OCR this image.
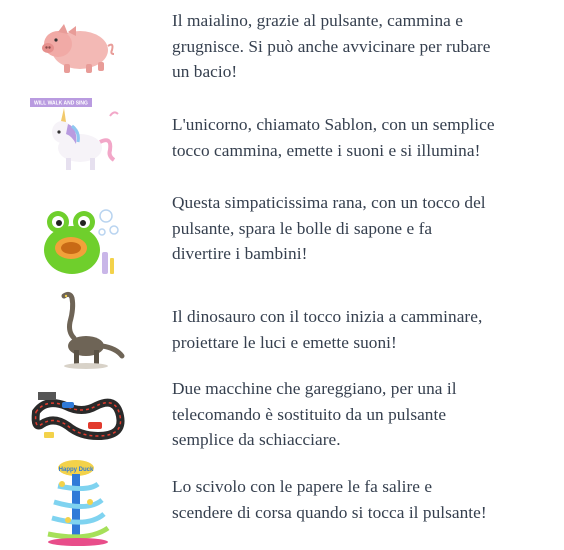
Il maialino, grazie al pulsante, cammina e
grugnisce. Si può anche avvicinare per rubare
un bacio!

WILL WALK AND SING

L'unicorno, chiamato Sablon, con un semplice
tocco cammina, emette i suoni e si illumina!

Questa simpaticissima rana, con un tocco del
pulsante, spara le bolle di sapone e fa
divertire i bambini!

Il dinosauro con il tocco inizia a camminare,
proiettare le luci e emette suoni!

Due macchine che gareggiano, per una il
telecomando è sostituito da un pulsante
semplice da schiacciare.

Happy Duck

Lo scivolo con le papere le fa salire e
scendere di corsa quando si tocca il pulsante!
